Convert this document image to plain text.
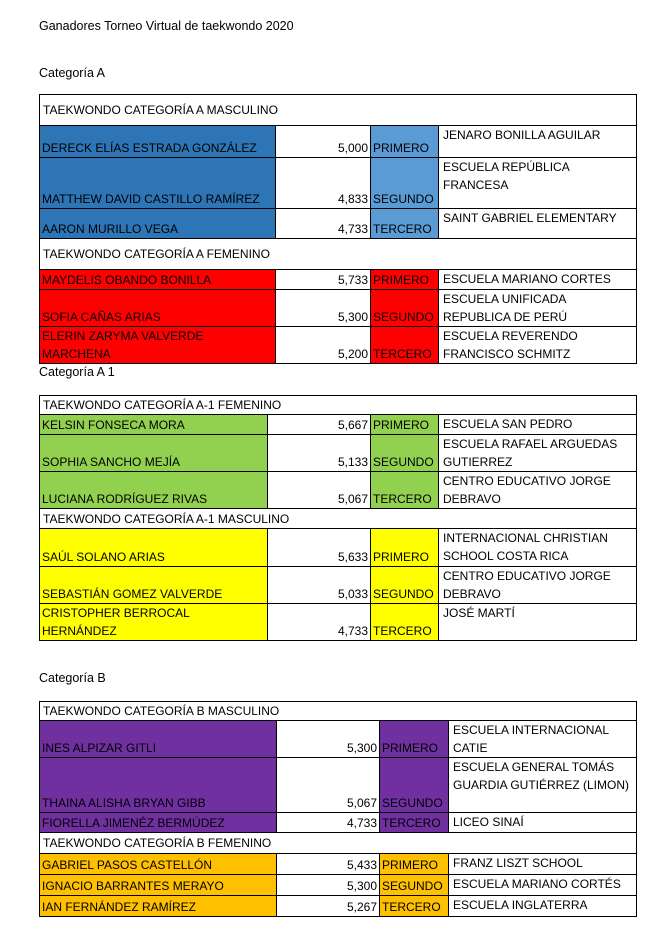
Ganadores Torneo Virtual de taekwondo 2020
Categoría A
TAEKWONDO CATEGORÍA A MASCULINO			
DERECK ELÍAS ESTRADA GONZÁLEZ	5,000	PRIMERO	JENARO BONILLA AGUILAR
MATTHEW DAVID CASTILLO RAMÍREZ	4,833	SEGUNDO	ESCUELA REPÚBLICA FRANCESA
AARON MURILLO VEGA	4,733	TERCERO	SAINT GABRIEL ELEMENTARY
TAEKWONDO CATEGORÍA A FEMENINO			
MAYDELIS OBANDO BONILLA	5,733	PRIMERO	ESCUELA MARIANO CORTES
SOFIA CAÑAS ARIAS	5,300	SEGUNDO	ESCUELA UNIFICADA REPUBLICA DE PERÚ
ELERIN ZARYMA VALVERDE MARCHENA	5,200	TERCERO	ESCUELA REVERENDO FRANCISCO SCHMITZ
Categoría A 1
TAEKWONDO CATEGORÍA A-1 FEMENINO			
KELSIN FONSECA MORA	5,667	PRIMERO	ESCUELA SAN PEDRO
SOPHIA SANCHO MEJÍA	5,133	SEGUNDO	ESCUELA RAFAEL ARGUEDAS GUTIERREZ
LUCIANA RODRÍGUEZ RIVAS	5,067	TERCERO	CENTRO EDUCATIVO JORGE DEBRAVO
TAEKWONDO CATEGORÍA A-1 MASCULINO			
SAÚL SOLANO ARIAS	5,633	PRIMERO	INTERNACIONAL CHRISTIAN SCHOOL COSTA RICA
SEBASTIÁN GOMEZ VALVERDE	5,033	SEGUNDO	CENTRO EDUCATIVO JORGE DEBRAVO
CRISTOPHER BERROCAL HERNÁNDEZ	4,733	TERCERO	JOSÉ MARTÍ
Categoría B
TAEKWONDO CATEGORÍA B MASCULINO			
INES ALPIZAR GITLI	5,300	PRIMERO	ESCUELA INTERNACIONAL CATIE
THAINA ALISHA BRYAN GIBB	5,067	SEGUNDO	ESCUELA GENERAL TOMÁS GUARDIA GUTIÉRREZ (LIMON)
FIORELLA JIMENÉZ BERMÚDEZ	4,733	TERCERO	LICEO SINAÍ
TAEKWONDO CATEGORÍA B FEMENINO			
GABRIEL PASOS CASTELLÓN	5,433	PRIMERO	FRANZ LISZT SCHOOL
IGNACIO BARRANTES MERAYO	5,300	SEGUNDO	ESCUELA MARIANO CORTÉS
IAN FERNÁNDEZ RAMÍREZ	5,267	TERCERO	ESCUELA INGLATERRA
